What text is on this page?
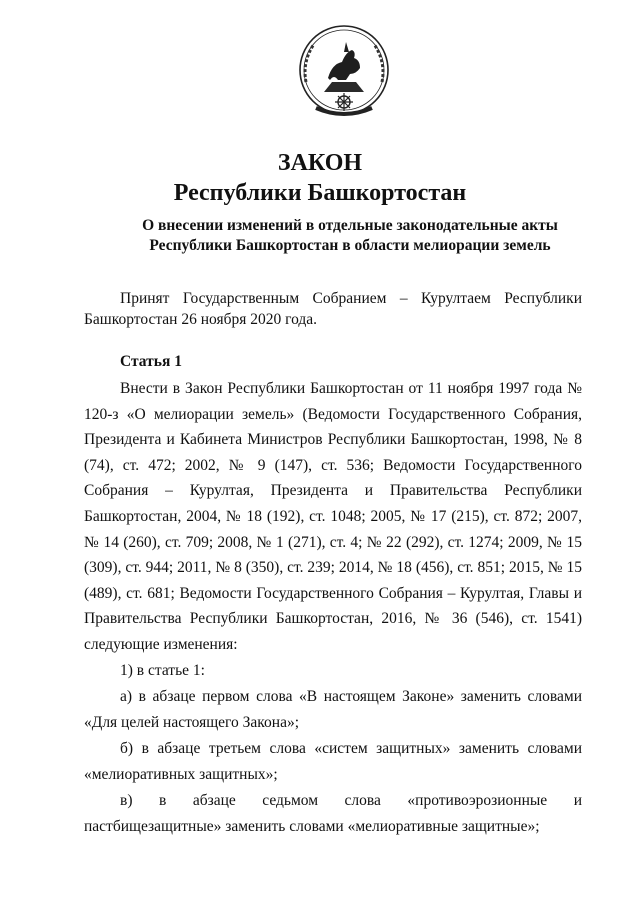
ЗАКОН
Республики Башкортостан
О внесении изменений в отдельные законодательные акты
Республики Башкортостан в области мелиорации земель
Принят Государственным Собранием – Курултаем Республики Башкортостан 26 ноября 2020 года.
Статья 1
Внести в Закон Республики Башкортостан от 11 ноября 1997 года № 120-з «О мелиорации земель» (Ведомости Государственного Собрания, Президента и Кабинета Министров Республики Башкортостан, 1998, № 8 (74), ст. 472; 2002, № 9 (147), ст. 536; Ведомости Государственного Собрания – Курултая, Президента и Правительства Республики Башкортостан, 2004, № 18 (192), ст. 1048; 2005, № 17 (215), ст. 872; 2007, № 14 (260), ст. 709; 2008, № 1 (271), ст. 4; № 22 (292), ст. 1274; 2009, № 15 (309), ст. 944; 2011, № 8 (350), ст. 239; 2014, № 18 (456), ст. 851; 2015, № 15 (489), ст. 681; Ведомости Государственного Собрания – Курултая, Главы и Правительства Республики Башкортостан, 2016, № 36 (546), ст. 1541) следующие изменения:
1) в статье 1:
а) в абзаце первом слова «В настоящем Законе» заменить словами «Для целей настоящего Закона»;
б) в абзаце третьем слова «систем защитных» заменить словами «мелиоративных защитных»;
в) в абзаце седьмом слова «противоэрозионные и пастбищезащитные» заменить словами «мелиоративные защитные»;
